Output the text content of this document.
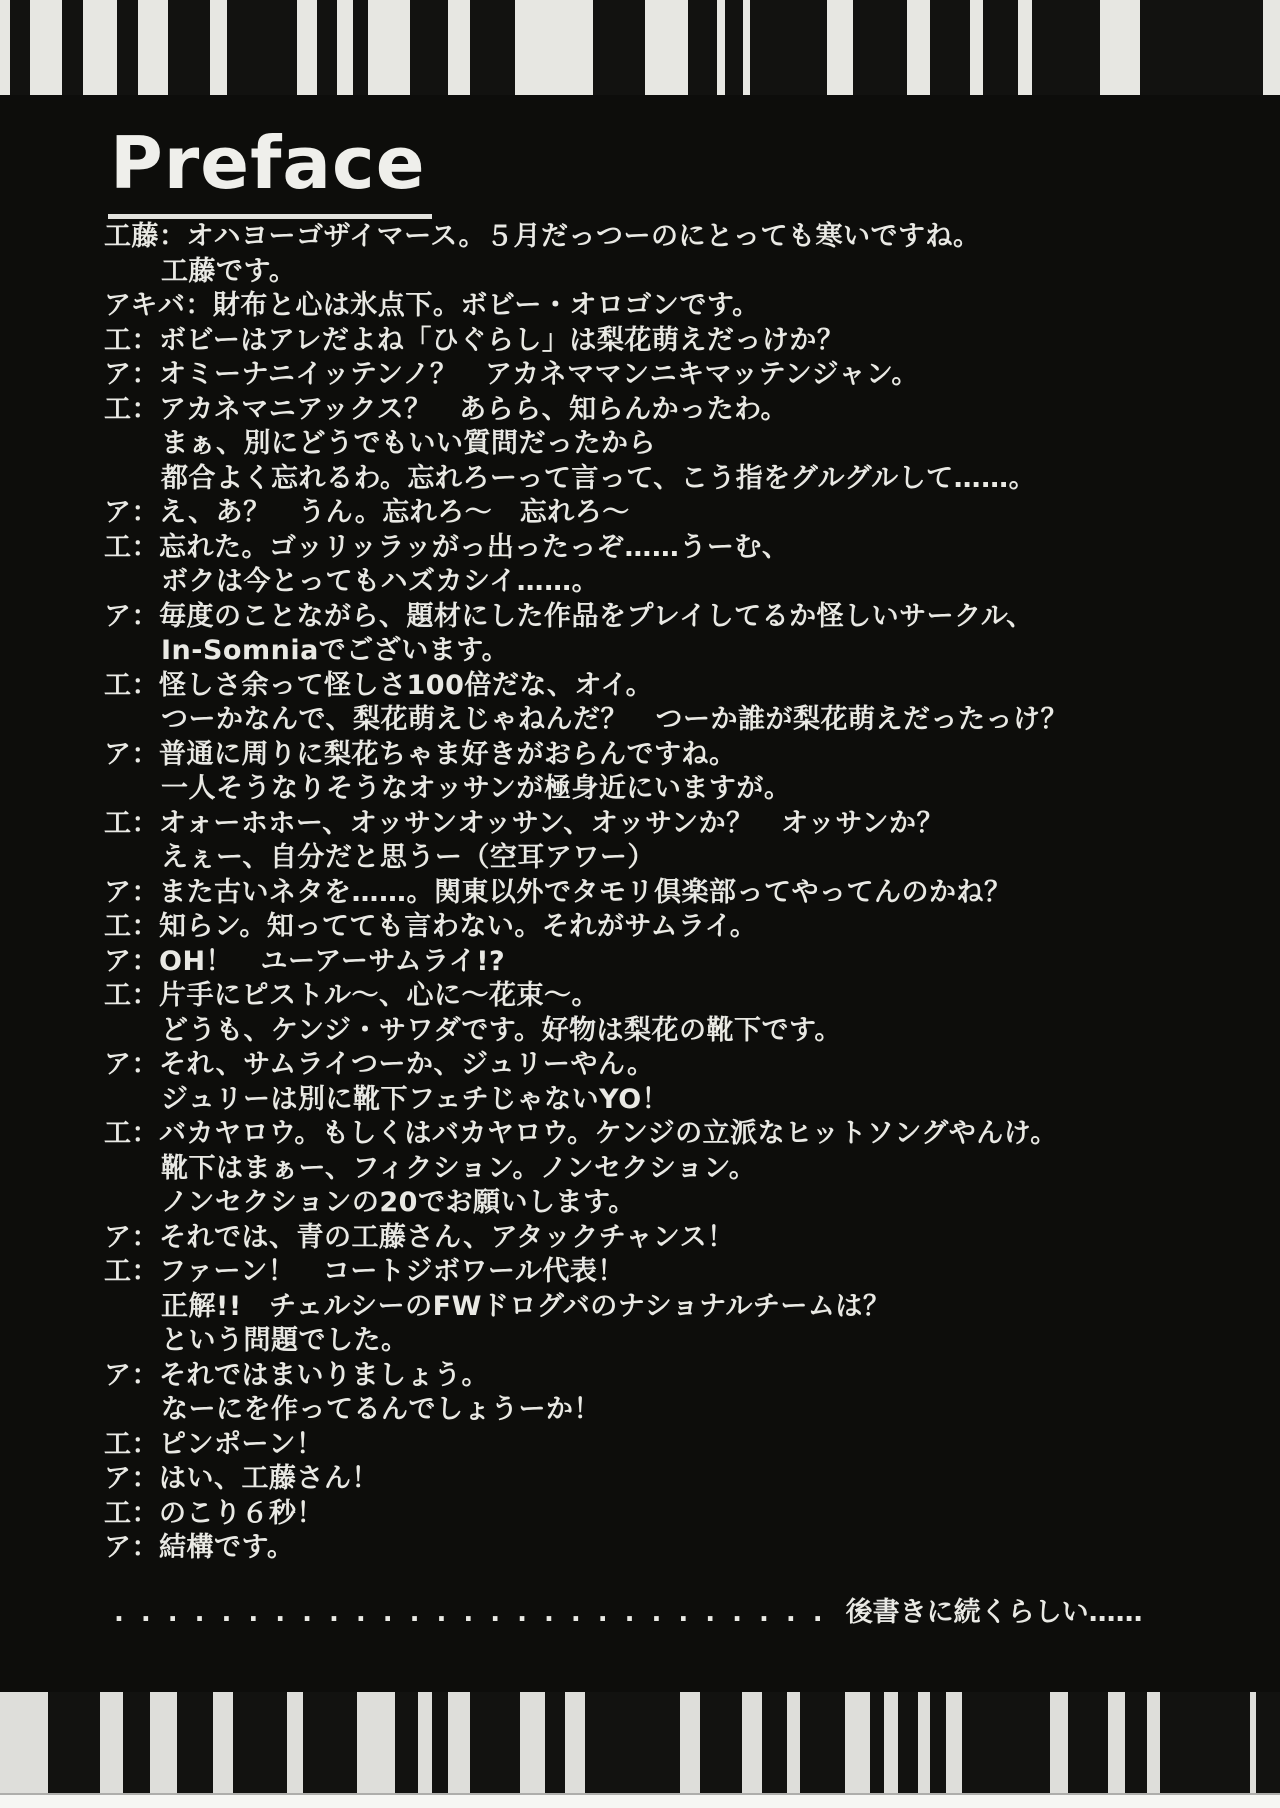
Preface
工藤：オハヨーゴザイマース。５月だっつーのにとっても寒いですね。
工藤です。
アキバ：財布と心は氷点下。ボビー・オロゴンです。
工：ボビーはアレだよね「ひぐらし」は梨花萌えだっけか？
ア：オミーナニイッテンノ？　アカネママンニキマッテンジャン。
工：アカネマニアックス？　あらら、知らんかったわ。
まぁ、別にどうでもいい質問だったから
都合よく忘れるわ。忘れろーって言って、こう指をグルグルして……。
ア：え、あ？　うん。忘れろ～　忘れろ～
工：忘れた。ゴッリッラッがっ出ったっぞ……うーむ、
ボクは今とってもハズカシイ……。
ア：毎度のことながら、題材にした作品をプレイしてるか怪しいサークル、
In-Somniaでございます。
工：怪しさ余って怪しさ100倍だな、オイ。
つーかなんで、梨花萌えじゃねんだ？　つーか誰が梨花萌えだったっけ？
ア：普通に周りに梨花ちゃま好きがおらんですね。
一人そうなりそうなオッサンが極身近にいますが。
工：オォーホホー、オッサンオッサン、オッサンか？　オッサンか？
えぇー、自分だと思うー（空耳アワー）
ア：また古いネタを……。関東以外でタモリ倶楽部ってやってんのかね？
工：知らン。知ってても言わない。それがサムライ。
ア：OH！　ユーアーサムライ!?
工：片手にピストル～、心に～花束～。
どうも、ケンジ・サワダです。好物は梨花の靴下です。
ア：それ、サムライつーか、ジュリーやん。
ジュリーは別に靴下フェチじゃないYO！
工：バカヤロウ。もしくはバカヤロウ。ケンジの立派なヒットソングやんけ。
靴下はまぁー、フィクション。ノンセクション。
ノンセクションの20でお願いします。
ア：それでは、青の工藤さん、アタックチャンス！
工：ファーン！　コートジボワール代表！
正解!!　チェルシーのFWドログバのナショナルチームは？
という問題でした。
ア：それではまいりましょう。
なーにを作ってるんでしょうーか！
工：ピンポーン！
ア：はい、工藤さん！
工：のこり６秒！
ア：結構です。
........................... 後書きに続くらしい……
